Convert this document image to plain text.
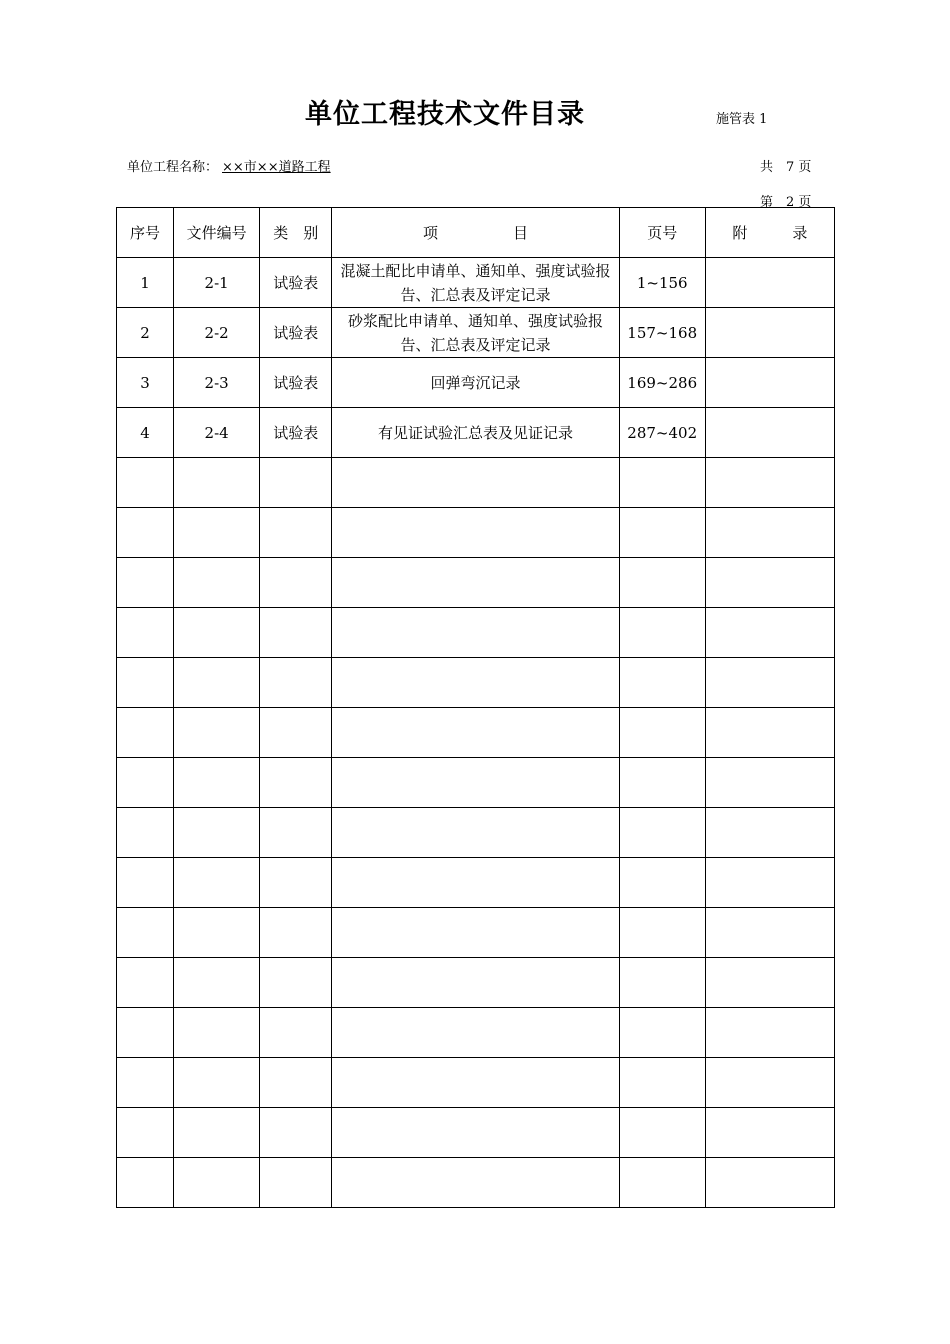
单位工程技术文件目录	施管表 1
单位工程名称： ××市××道路工程	共　7 页
第　2 页
序号	文件编号	类　别	项　　　　　目	页号	附　　　录
1	2-1	试验表	混凝土配比申请单、通知单、强度试验报告、汇总表及评定记录	1~156	
2	2-2	试验表	砂浆配比申请单、通知单、强度试验报告、汇总表及评定记录	157~168	
3	2-3	试验表	回弹弯沉记录	169~286	
4	2-4	试验表	有见证试验汇总表及见证记录	287~402	
